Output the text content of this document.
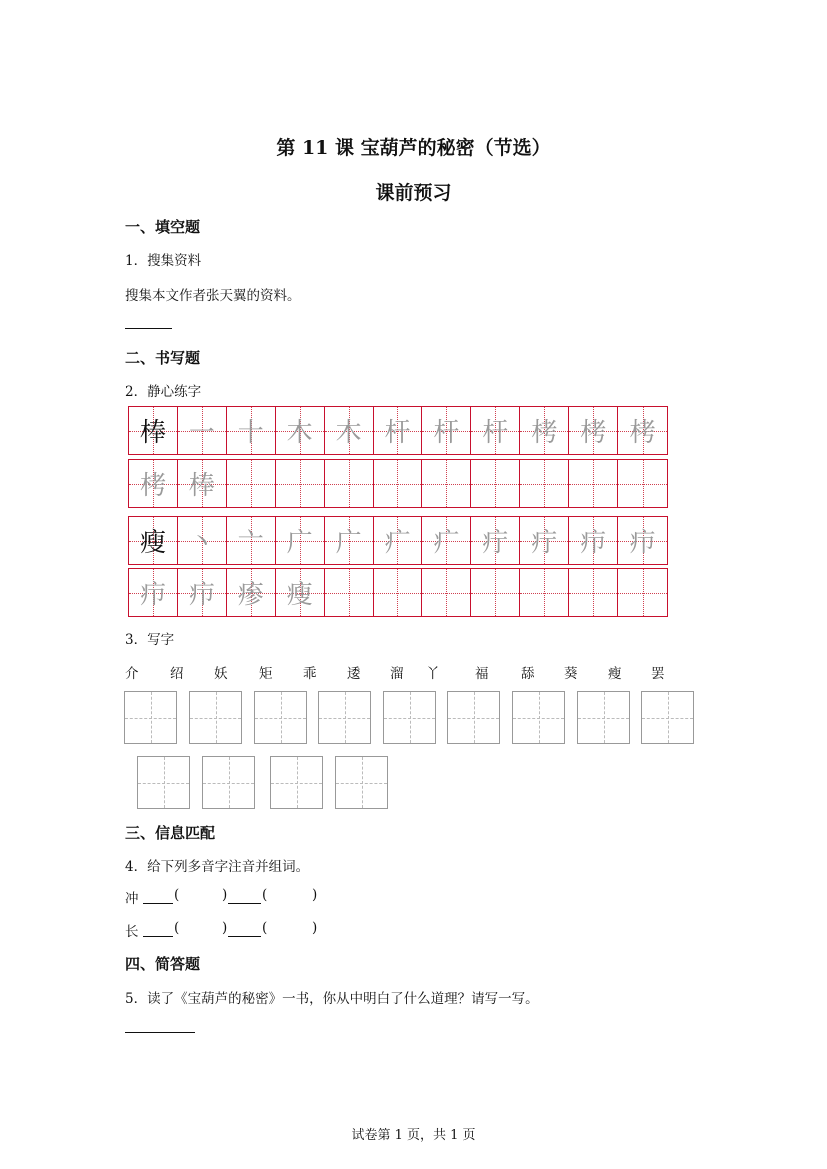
第 11 课 宝葫芦的秘密（节选）
课前预习
一、填空题
1．搜集资料
搜集本文作者张天翼的资料。
二、书写题
2．静心练字
棒 一 十 木 木 杆 杆 杆 栲 栲 栲
栲 棒
瘦 丶 亠 广 广 疒 疒 疔 疔 疖 疖
疖 疖 瘆 瘦
3．写字
介 绍 妖 矩 乖 逶 溜 丫	福 舔 葵 瘦 罢
三、信息匹配
4．给下列多音字注音并组词。
冲	(	)	(	)
长	(	)	(	)
四、简答题
5．读了《宝葫芦的秘密》一书，你从中明白了什么道理？请写一写。
试卷第 1 页，共 1 页
